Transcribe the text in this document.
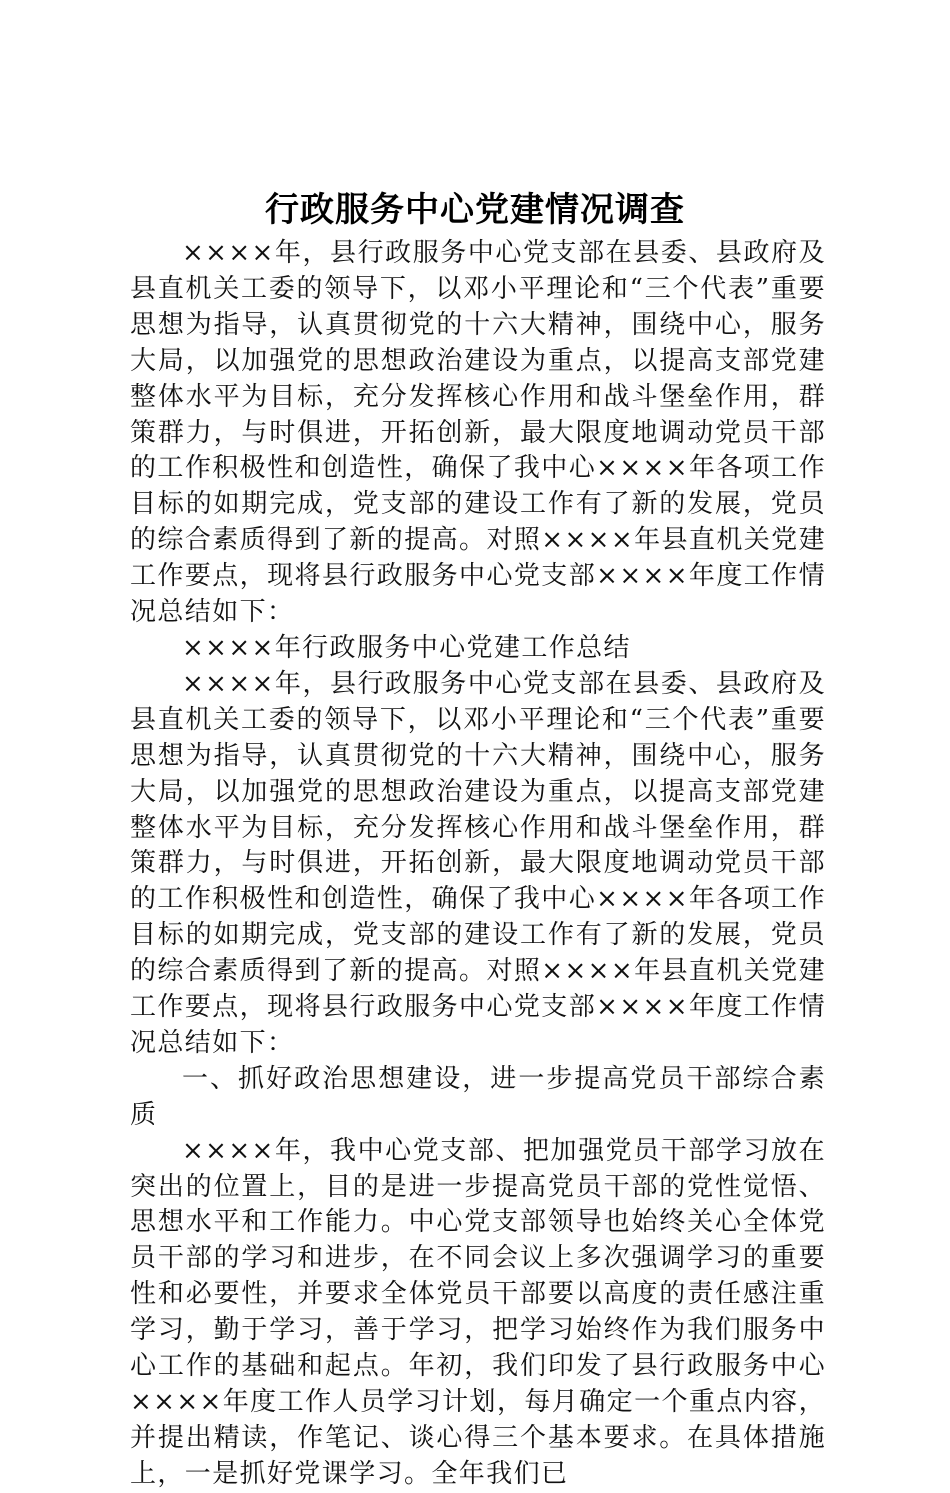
行政服务中心党建情况调查

××××年，县行政服务中心党支部在县委、县政府及县直机关工委的领导下，以邓小平理论和“三个代表”重要思想为指导，认真贯彻党的十六大精神，围绕中心，服务大局，以加强党的思想政治建设为重点，以提高支部党建整体水平为目标，充分发挥核心作用和战斗堡垒作用，群策群力，与时俱进，开拓创新，最大限度地调动党员干部的工作积极性和创造性，确保了我中心××××年各项工作目标的如期完成，党支部的建设工作有了新的发展，党员的综合素质得到了新的提高。对照××××年县直机关党建工作要点，现将县行政服务中心党支部××××年度工作情况总结如下：

××××年行政服务中心党建工作总结

××××年，县行政服务中心党支部在县委、县政府及县直机关工委的领导下，以邓小平理论和“三个代表”重要思想为指导，认真贯彻党的十六大精神，围绕中心，服务大局，以加强党的思想政治建设为重点，以提高支部党建整体水平为目标，充分发挥核心作用和战斗堡垒作用，群策群力，与时俱进，开拓创新，最大限度地调动党员干部的工作积极性和创造性，确保了我中心××××年各项工作目标的如期完成，党支部的建设工作有了新的发展，党员的综合素质得到了新的提高。对照××××年县直机关党建工作要点，现将县行政服务中心党支部××××年度工作情况总结如下：

一、抓好政治思想建设，进一步提高党员干部综合素质

××××年，我中心党支部、把加强党员干部学习放在突出的位置上，目的是进一步提高党员干部的党性觉悟、思想水平和工作能力。中心党支部领导也始终关心全体党员干部的学习和进步，在不同会议上多次强调学习的重要性和必要性，并要求全体党员干部要以高度的责任感注重学习，勤于学习，善于学习，把学习始终作为我们服务中心工作的基础和起点。年初，我们印发了县行政服务中心××××年度工作人员学习计划，每月确定一个重点内容，并提出精读，作笔记、谈心得三个基本要求。在具体措施上，一是抓好党课学习。全年我们已
